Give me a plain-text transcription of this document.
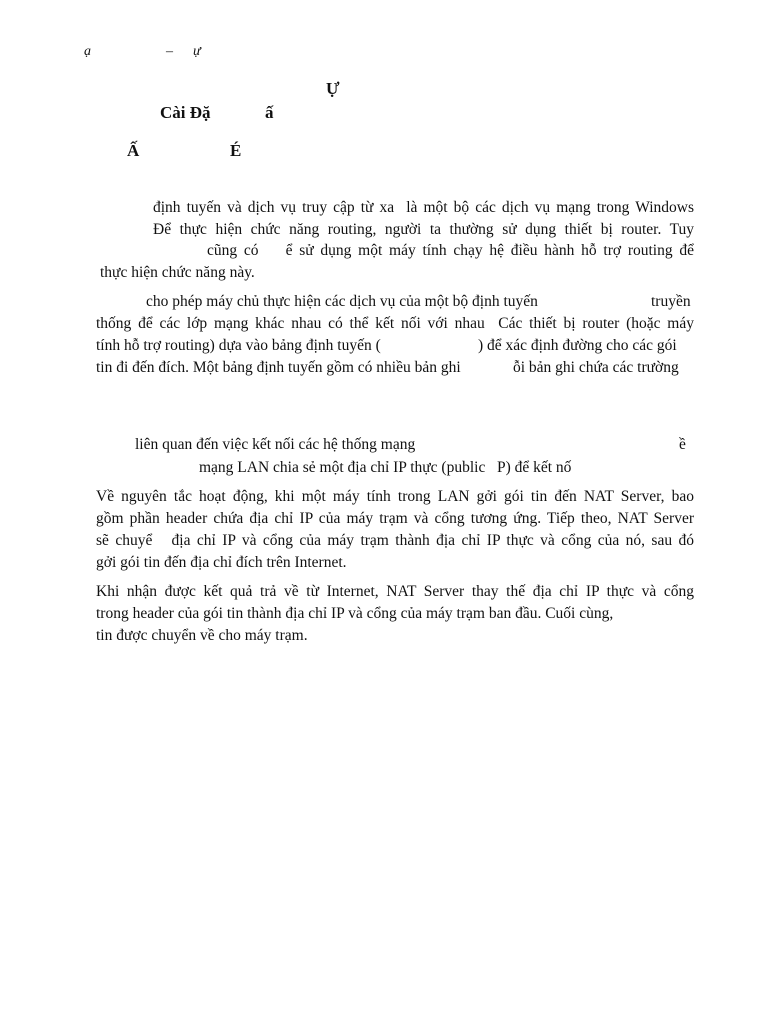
ạ	– ự
Ự
Cài Đặ	ấ
Ấ	É
định tuyến và dịch vụ truy cập từ xa  là một bộ các dịch vụ mạng trong Windows
Để thực hiện chức năng routing, người ta thường sử dụng thiết bị router. Tuy
cũng có    ể sử dụng một máy tính chạy hệ điều hành hỗ trợ routing để
thực hiện chức năng này.
cho phép máy chủ thực hiện các dịch vụ của một bộ định tuyến	truyền
thống để các lớp mạng khác nhau có thể kết nối với nhau  Các thiết bị router (hoặc máy
tính hỗ trợ routing) dựa vào bảng định tuyến (	) để xác định đường cho các gói
tin đi đến đích. Một bảng định tuyến gồm có nhiều bản ghi	ỗi bản ghi chứa các trường
liên quan đến việc kết nối các hệ thống mạng	ề
mạng LAN chia sẻ một địa chỉ IP thực (public   P) để kết nố
Về nguyên tắc hoạt động, khi một máy tính trong LAN gởi gói tin đến NAT Server, bao
gồm phần header chứa địa chỉ IP của máy trạm và cổng tương ứng. Tiếp theo, NAT Server
sẽ chuyể   địa chỉ IP và cổng của máy trạm thành địa chỉ IP thực và cổng của nó, sau đó
gởi gói tin đến địa chỉ đích trên Internet.
Khi nhận được kết quả trả về từ Internet, NAT Server thay thế địa chỉ IP thực và cổng
trong header của gói tin thành địa chỉ IP và cổng của máy trạm ban đầu. Cuối cùng,
tin được chuyển về cho máy trạm.
